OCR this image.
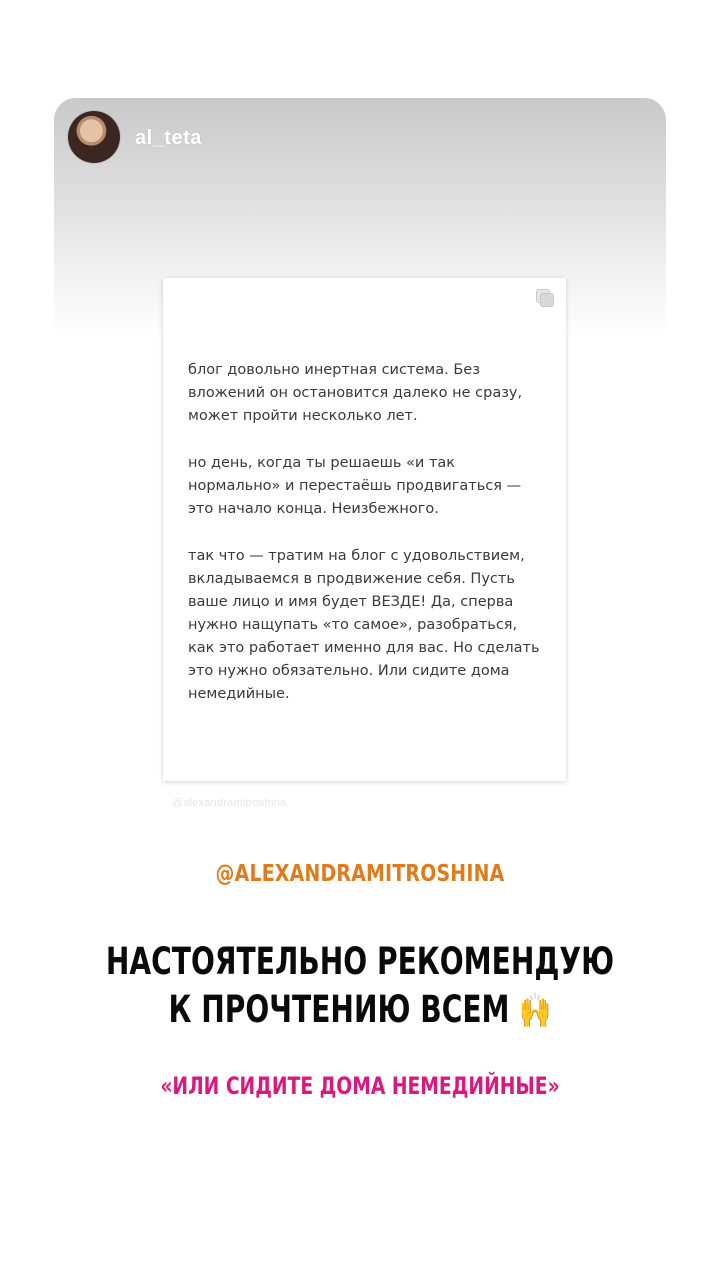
al_teta

блог довольно инертная система. Без
вложений он остановится далеко не сразу,
может пройти несколько лет.

но день, когда ты решаешь «и так
нормально» и перестаёшь продвигаться —
это начало конца. Неизбежного.

так что — тратим на блог с удовольствием,
вкладываемся в продвижение себя. Пусть
ваше лицо и имя будет ВЕЗДЕ! Да, сперва
нужно нащупать «то самое», разобраться,
как это работает именно для вас. Но сделать
это нужно обязательно. Или сидите дома
немедийные.

@alexandramitroshina
@ALEXANDRAMITROSHINA
НАСТОЯТЕЛЬНО РЕКОМЕНДУЮ
К ПРОЧТЕНИЮ ВСЕМ 🙌
«ИЛИ СИДИТЕ ДОМА НЕМЕДИЙНЫЕ»
